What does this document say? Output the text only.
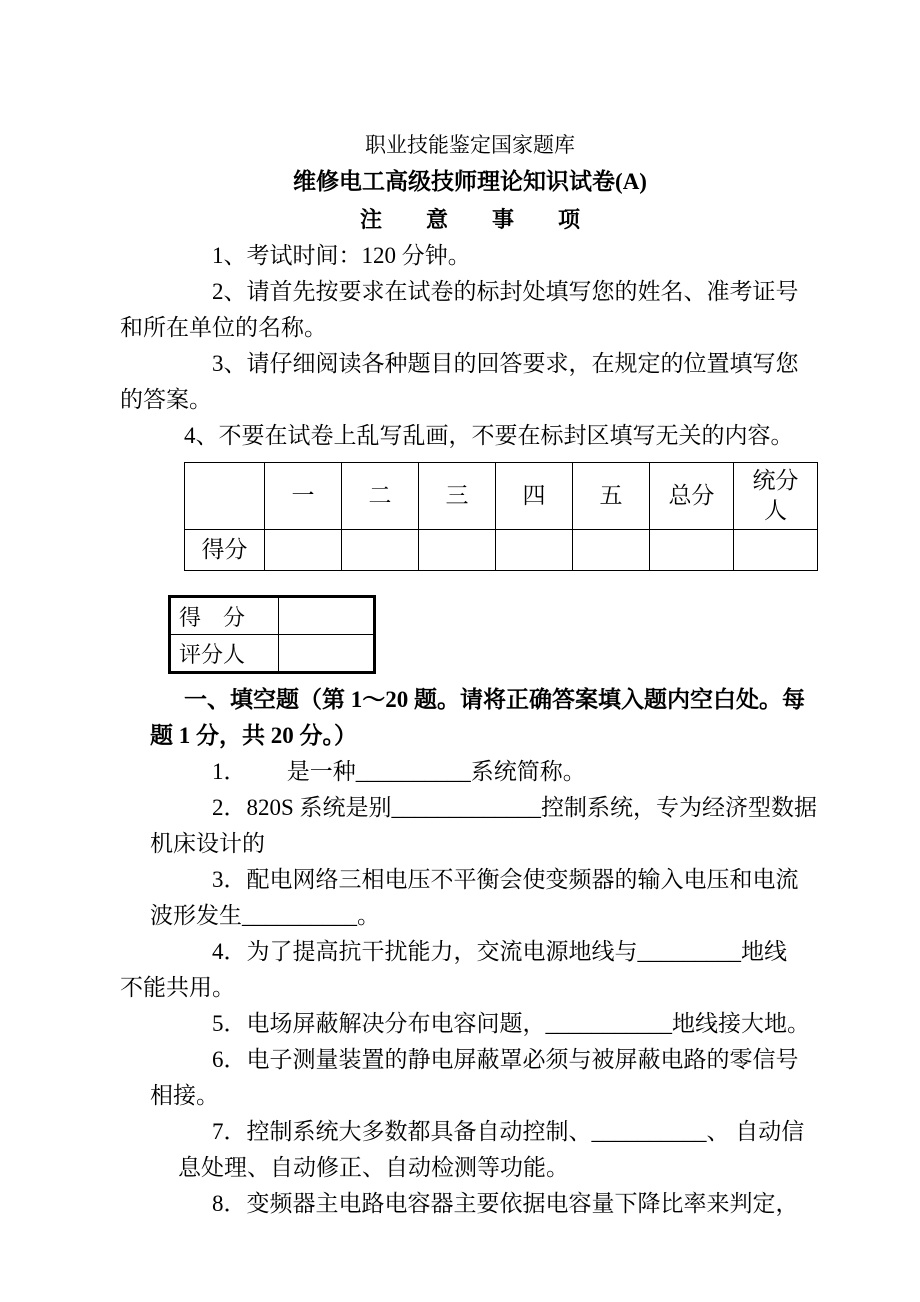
职业技能鉴定国家题库
维修电工高级技师理论知识试卷(A)
注　　意　　事　　项
1、考试时间：120 分钟。
2、请首先按要求在试卷的标封处填写您的姓名、准考证号
和所在单位的名称。
3、请仔细阅读各种题目的回答要求，在规定的位置填写您
的答案。
4、不要在试卷上乱写乱画，不要在标封区填写无关的内容。
	一	二	三	四	五	总分	统分人
得分							
得　分	
评分人	
一、填空题（第 1～20 题。请将正确答案填入题内空白处。每
题 1 分，共 20 分。）
1．　　 是一种__________系统简称。
2．820S 系统是别_____________控制系统，专为经济型数据
机床设计的
3．配电网络三相电压不平衡会使变频器的输入电压和电流
波形发生__________。
4．为了提高抗干扰能力，交流电源地线与_________地线
不能共用。
5．电场屏蔽解决分布电容问题，___________地线接大地。
6．电子测量装置的静电屏蔽罩必须与被屏蔽电路的零信号
相接。
7．控制系统大多数都具备自动控制、__________、 自动信
息处理、自动修正、自动检测等功能。
8．变频器主电路电容器主要依据电容量下降比率来判定，
